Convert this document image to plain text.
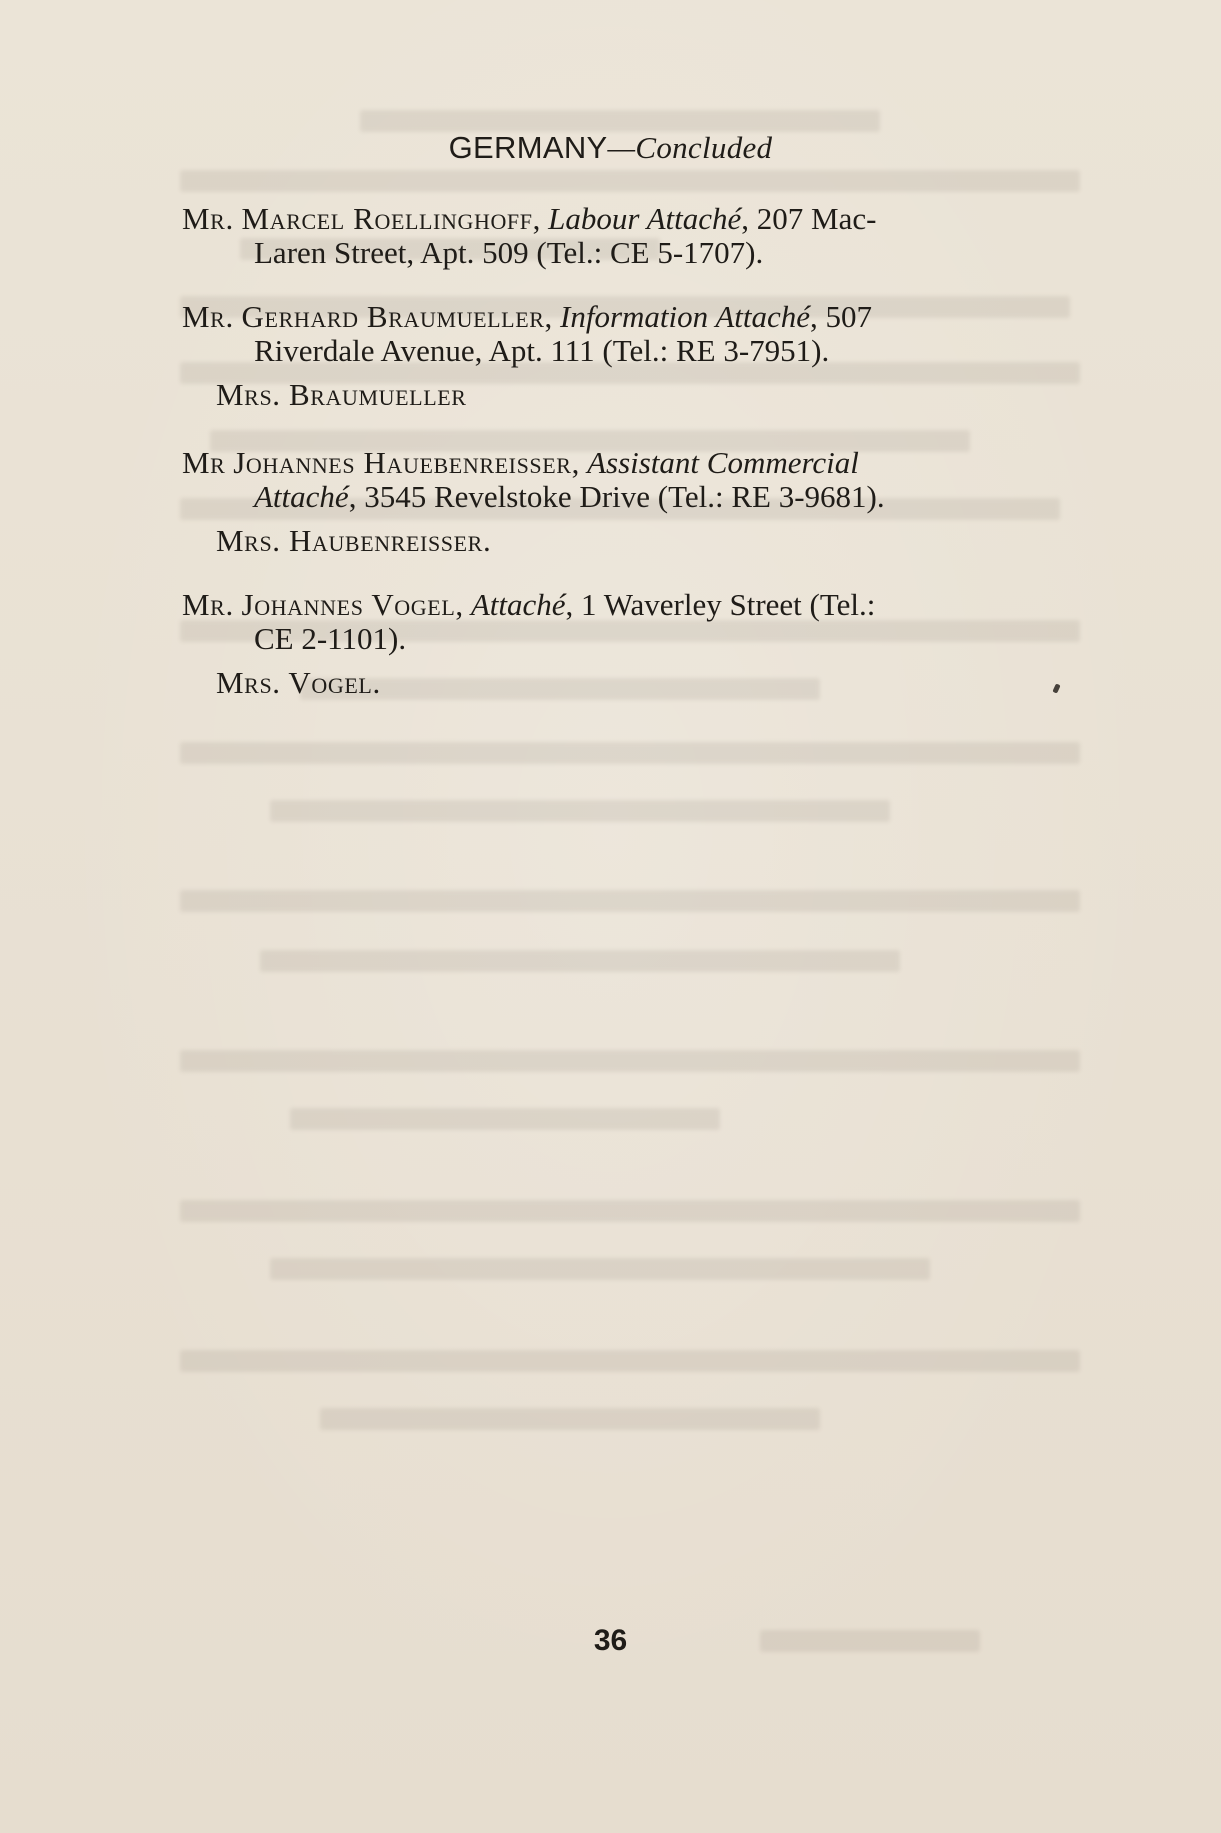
GERMANY—Concluded
Mr. Marcel Roellinghoff, Labour Attaché, 207 Mac-
Laren Street, Apt. 509 (Tel.: CE 5-1707).
Mr. Gerhard Braumueller, Information Attaché, 507
Riverdale Avenue, Apt. 111 (Tel.: RE 3-7951).
Mrs. Braumueller
Mr Johannes Hauebenreisser, Assistant Commercial
Attaché, 3545 Revelstoke Drive (Tel.: RE 3-9681).
Mrs. Haubenreisser.
Mr. Johannes Vogel, Attaché, 1 Waverley Street (Tel.:
CE 2-1101).
Mrs. Vogel.
36
